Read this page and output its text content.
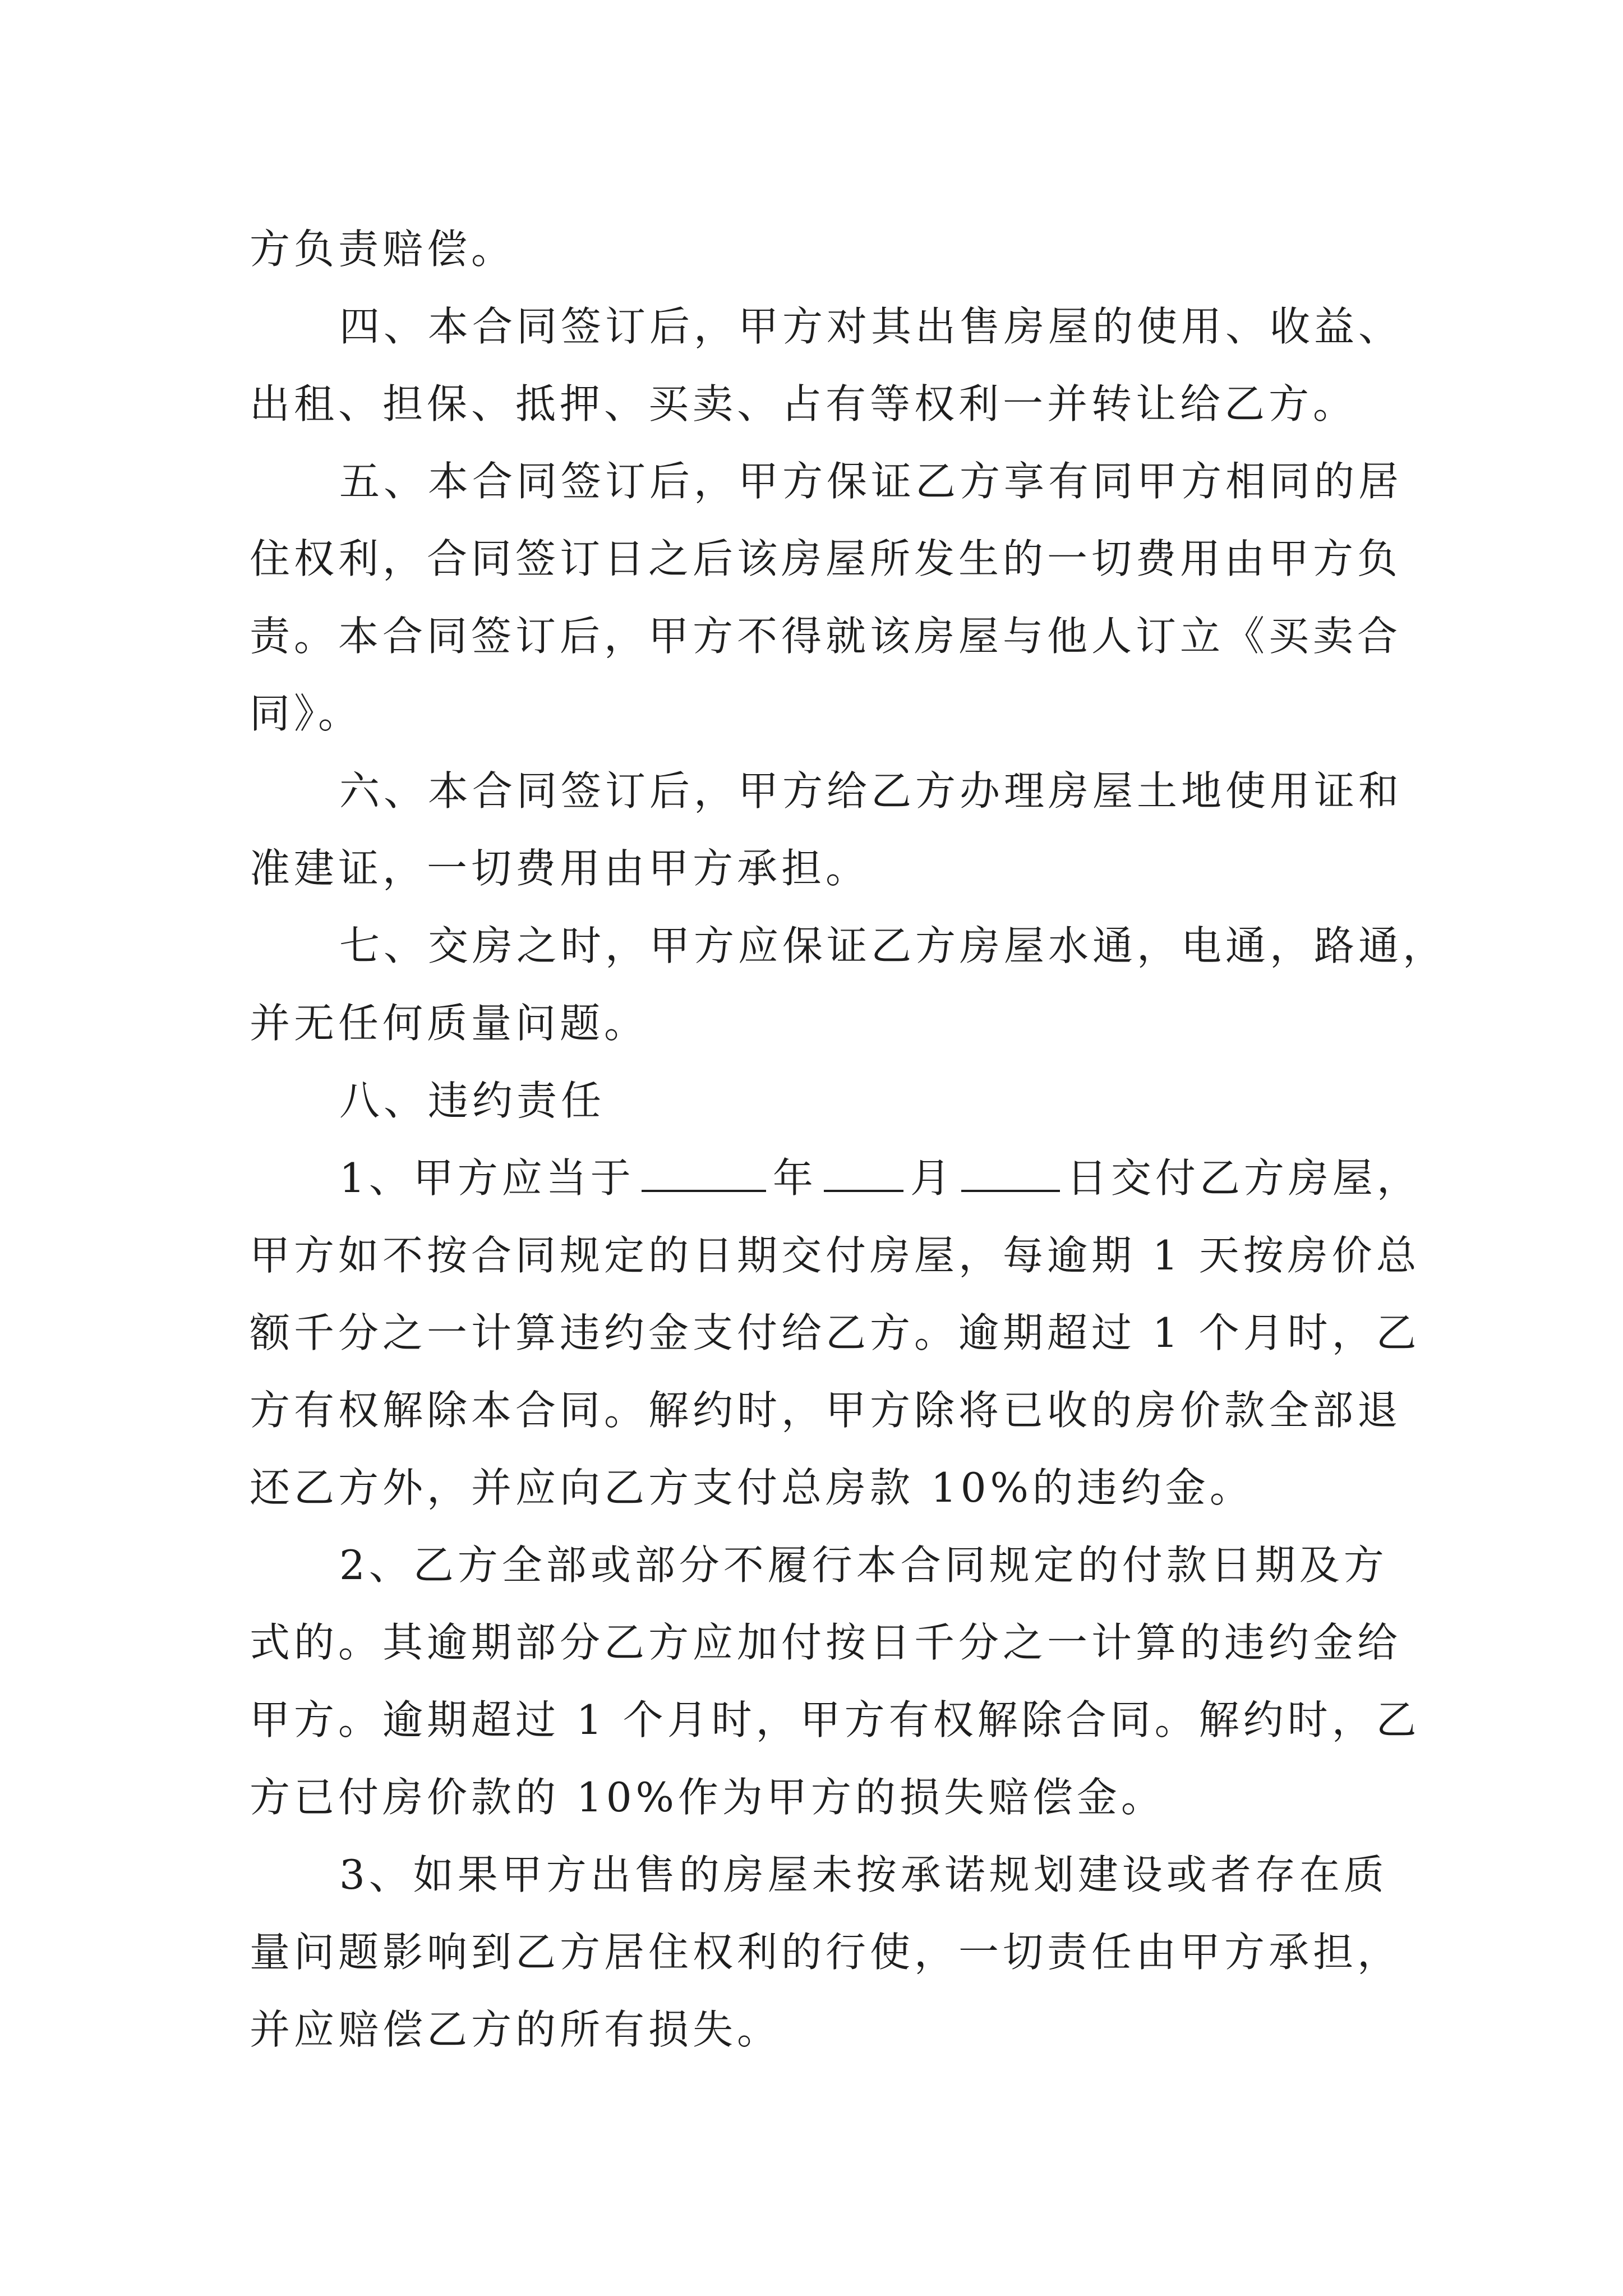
方负责赔偿。
四、本合同签订后，甲方对其出售房屋的使用、收益、
出租、担保、抵押、买卖、占有等权利一并转让给乙方。
五、本合同签订后，甲方保证乙方享有同甲方相同的居
住权利，合同签订日之后该房屋所发生的一切费用由甲方负
责。本合同签订后，甲方不得就该房屋与他人订立《买卖合
同》。
六、本合同签订后，甲方给乙方办理房屋土地使用证和
准建证，一切费用由甲方承担。
七、交房之时，甲方应保证乙方房屋水通，电通，路通，
并无任何质量问题。
八、违约责任
1、甲方应当于	年 月	日交付乙方房屋，
甲方如不按合同规定的日期交付房屋，每逾期 1 天按房价总
额千分之一计算违约金支付给乙方。逾期超过 1 个月时，乙
方有权解除本合同。解约时，甲方除将已收的房价款全部退
还乙方外，并应向乙方支付总房款 10%的违约金。
2、乙方全部或部分不履行本合同规定的付款日期及方
式的。其逾期部分乙方应加付按日千分之一计算的违约金给
甲方。逾期超过 1 个月时，甲方有权解除合同。解约时，乙
方已付房价款的 10%作为甲方的损失赔偿金。
3、如果甲方出售的房屋未按承诺规划建设或者存在质
量问题影响到乙方居住权利的行使，一切责任由甲方承担，
并应赔偿乙方的所有损失。
